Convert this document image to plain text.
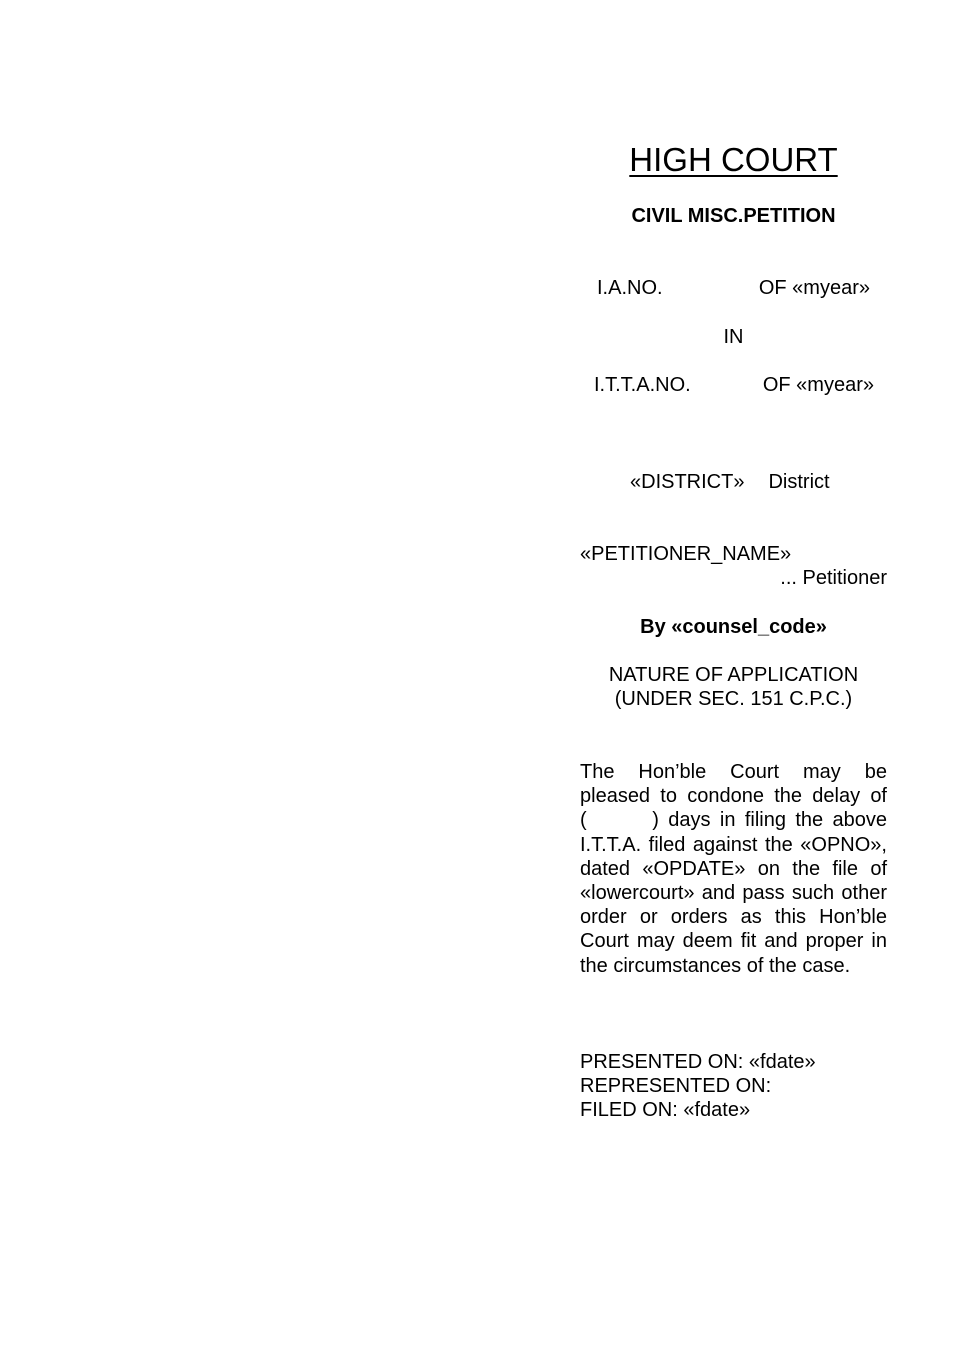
HIGH COURT
CIVIL MISC.PETITION
I.A.NO.	OF «myear»
IN
I.T.T.A.NO.	OF «myear»
«DISTRICT» District
«PETITIONER_NAME»
... Petitioner
By «counsel_code»
NATURE OF APPLICATION
(UNDER SEC. 151 C.P.C.)
The Hon’ble Court may be pleased to condone the delay of (       ) days in filing the above I.T.T.A. filed against the «OPNO», dated «OPDATE» on the file of «lowercourt» and pass such other order or orders as this Hon’ble Court may deem fit and proper in the circumstances of the case.
PRESENTED ON: «fdate»
REPRESENTED ON:
FILED ON: «fdate»
